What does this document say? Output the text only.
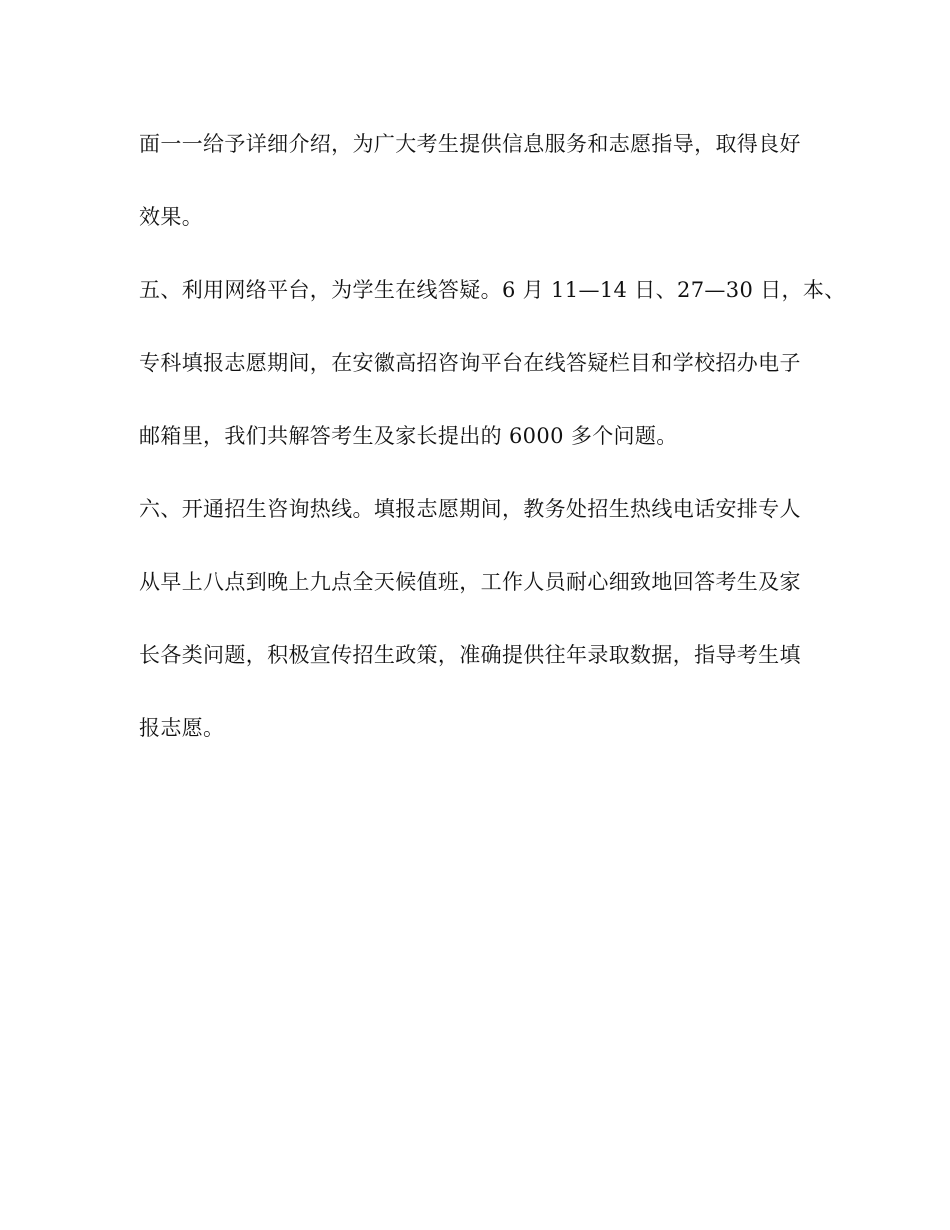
面一一给予详细介绍，为广大考生提供信息服务和志愿指导，取得良好
效果。
五、利用网络平台，为学生在线答疑。6 月 11—14 日、27—30 日，本、
专科填报志愿期间，在安徽高招咨询平台在线答疑栏目和学校招办电子
邮箱里，我们共解答考生及家长提出的 6000 多个问题。
六、开通招生咨询热线。填报志愿期间，教务处招生热线电话安排专人
从早上八点到晚上九点全天候值班，工作人员耐心细致地回答考生及家
长各类问题，积极宣传招生政策，准确提供往年录取数据，指导考生填
报志愿。
